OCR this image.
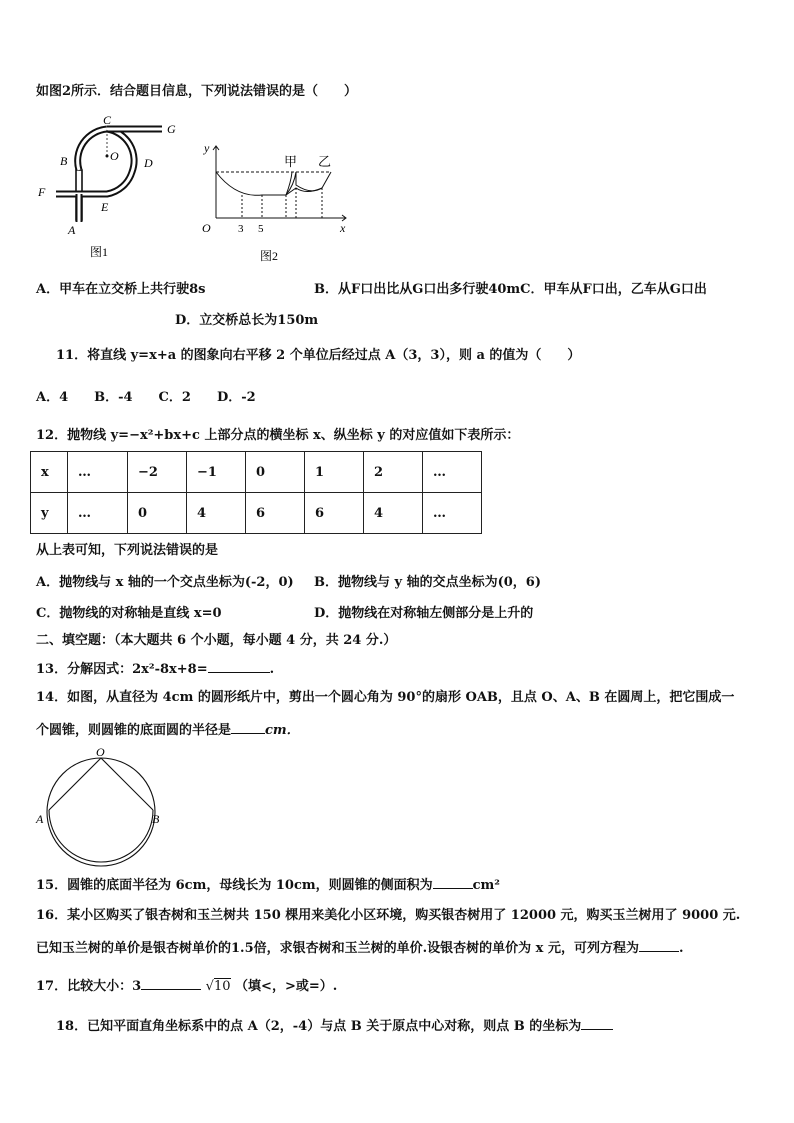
如图2所示．结合题目信息，下列说法错误的是（　　）
C
G
B	O D
F
E
A
图1
y
x
O 3 5
甲 乙
图2
A．甲车在立交桥上共行驶8s	B．从F口出比从G口出多行驶40mC．甲车从F口出，乙车从G口出
D．立交桥总长为150m
11．将直线 y=x+a 的图象向右平移 2 个单位后经过点 A（3，3），则 a 的值为（　　）
A．4　　B．-4　　C．2　　D．-2
12．抛物线 y=−x²+bx+c 上部分点的横坐标 x、纵坐标 y 的对应值如下表所示：
x	…	−2	−1	0	1	2	…
y	…	0	4	6	6	4	…
从上表可知，下列说法错误的是
A．抛物线与 x 轴的一个交点坐标为(-2，0) B．抛物线与 y 轴的交点坐标为(0，6)
C．抛物线的对称轴是直线 x=0	D．抛物线在对称轴左侧部分是上升的
二、填空题：（本大题共 6 个小题，每小题 4 分，共 24 分.）
13．分解因式：2x²-8x+8=	.
14．如图，从直径为 4cm 的圆形纸片中，剪出一个圆心角为 90°的扇形 OAB，且点 O、A、B 在圆周上，把它围成一
个圆锥，则圆锥的底面圆的半径是	cm．
O
A	B
15．圆锥的底面半径为 6cm，母线长为 10cm，则圆锥的侧面积为	cm²
16．某小区购买了银杏树和玉兰树共 150 棵用来美化小区环境，购买银杏树用了 12000 元，购买玉兰树用了 9000 元.
已知玉兰树的单价是银杏树单价的1.5倍，求银杏树和玉兰树的单价.设银杏树的单价为 x 元，可列方程为	.
17．比较大小：3	√10 （填<，>或=）.
18．已知平面直角坐标系中的点 A（2，-4）与点 B 关于原点中心对称，则点 B 的坐标为
